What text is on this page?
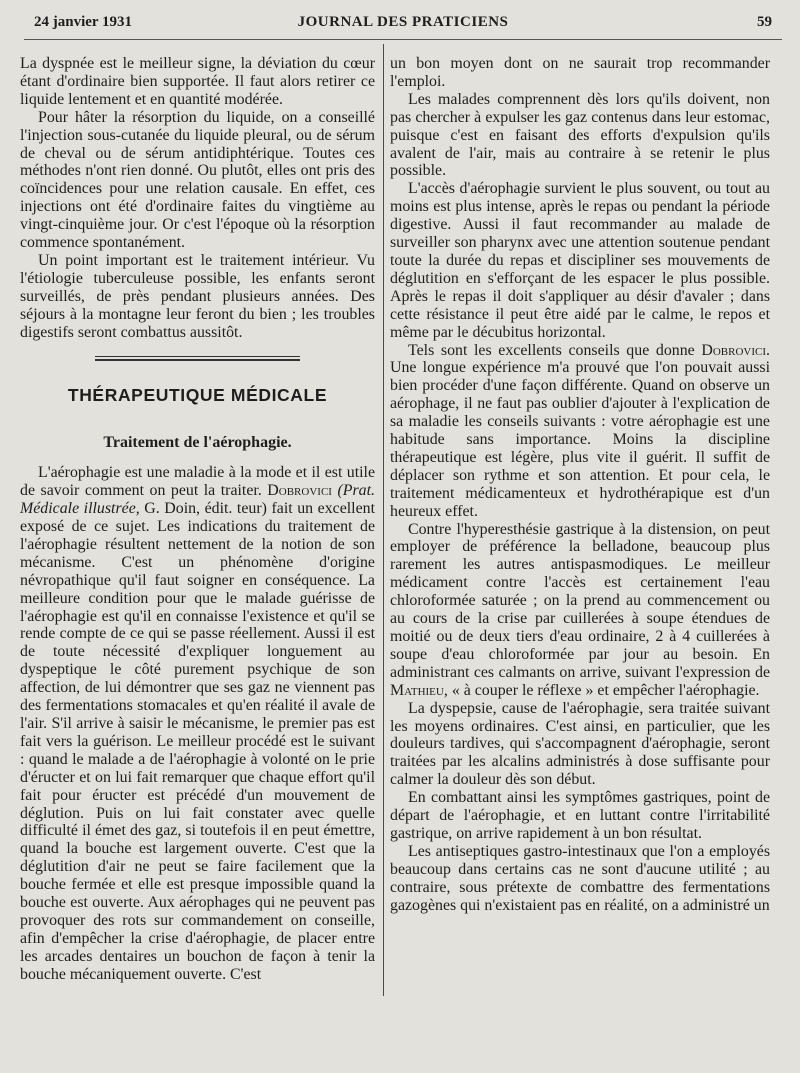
24 janvier 1931	JOURNAL DES PRATICIENS	59

La dyspnée est le meilleur signe, la déviation du cœur étant d'ordinaire bien supportée. Il faut alors retirer ce liquide lentement et en quantité modérée.

Pour hâter la résorption du liquide, on a conseillé l'injection sous-cutanée du liquide pleural, ou de sérum de cheval ou de sérum antidiphtérique. Toutes ces méthodes n'ont rien donné. Ou plutôt, elles ont pris des coïncidences pour une relation causale. En effet, ces injections ont été d'ordinaire faites du vingtième au vingt-cinquième jour. Or c'est l'époque où la résorption commence spontanément.

Un point important est le traitement intérieur. Vu l'étiologie tuberculeuse possible, les enfants seront surveillés, de près pendant plusieurs années. Des séjours à la montagne leur feront du bien ; les troubles digestifs seront combattus aussitôt.

THÉRAPEUTIQUE MÉDICALE
Traitement de l'aérophagie.

L'aérophagie est une maladie à la mode et il est utile de savoir comment on peut la traiter. Dobrovici (Prat. Médicale illustrée, G. Doin, édit. teur) fait un excellent exposé de ce sujet. Les indications du traitement de l'aérophagie résultent nettement de la notion de son mécanisme. C'est un phénomène d'origine névropathique qu'il faut soigner en conséquence. La meilleure condition pour que le malade guérisse de l'aérophagie est qu'il en connaisse l'existence et qu'il se rende compte de ce qui se passe réellement. Aussi il est de toute nécessité d'expliquer longuement au dyspeptique le côté purement psychique de son affection, de lui démontrer que ses gaz ne viennent pas des fermentations stomacales et qu'en réalité il avale de l'air. S'il arrive à saisir le mécanisme, le premier pas est fait vers la guérison. Le meilleur procédé est le suivant : quand le malade a de l'aérophagie à volonté on le prie d'éructer et on lui fait remarquer que chaque effort qu'il fait pour éructer est précédé d'un mouvement de déglution. Puis on lui fait constater avec quelle difficulté il émet des gaz, si toutefois il en peut émettre, quand la bouche est largement ouverte. C'est que la déglutition d'air ne peut se faire facilement que la bouche fermée et elle est presque impossible quand la bouche est ouverte. Aux aérophages qui ne peuvent pas provoquer des rots sur commandement on conseille, afin d'empêcher la crise d'aérophagie, de placer entre les arcades dentaires un bouchon de façon à tenir la bouche mécaniquement ouverte. C'est

un bon moyen dont on ne saurait trop recommander l'emploi.

Les malades comprennent dès lors qu'ils doivent, non pas chercher à expulser les gaz contenus dans leur estomac, puisque c'est en faisant des efforts d'expulsion qu'ils avalent de l'air, mais au contraire à se retenir le plus possible.

L'accès d'aérophagie survient le plus souvent, ou tout au moins est plus intense, après le repas ou pendant la période digestive. Aussi il faut recommander au malade de surveiller son pharynx avec une attention soutenue pendant toute la durée du repas et discipliner ses mouvements de déglutition en s'efforçant de les espacer le plus possible. Après le repas il doit s'appliquer au désir d'avaler ; dans cette résistance il peut être aidé par le calme, le repos et même par le décubitus horizontal.

Tels sont les excellents conseils que donne Dobrovici. Une longue expérience m'a prouvé que l'on pouvait aussi bien procéder d'une façon différente. Quand on observe un aérophage, il ne faut pas oublier d'ajouter à l'explication de sa maladie les conseils suivants : votre aérophagie est une habitude sans importance. Moins la discipline thérapeutique est légère, plus vite il guérit. Il suffit de déplacer son rythme et son attention. Et pour cela, le traitement médicamenteux et hydrothérapique est d'un heureux effet.

Contre l'hyperesthésie gastrique à la distension, on peut employer de préférence la belladone, beaucoup plus rarement les autres antispasmodiques. Le meilleur médicament contre l'accès est certainement l'eau chloroformée saturée ; on la prend au commencement ou au cours de la crise par cuillerées à soupe étendues de moitié ou de deux tiers d'eau ordinaire, 2 à 4 cuillerées à soupe d'eau chloroformée par jour au besoin. En administrant ces calmants on arrive, suivant l'expression de Mathieu, « à couper le réflexe » et empêcher l'aérophagie.

La dyspepsie, cause de l'aérophagie, sera traitée suivant les moyens ordinaires. C'est ainsi, en particulier, que les douleurs tardives, qui s'accompagnent d'aérophagie, seront traitées par les alcalins administrés à dose suffisante pour calmer la douleur dès son début.

En combattant ainsi les symptômes gastriques, point de départ de l'aérophagie, et en luttant contre l'irritabilité gastrique, on arrive rapidement à un bon résultat.

Les antiseptiques gastro-intestinaux que l'on a employés beaucoup dans certains cas ne sont d'aucune utilité ; au contraire, sous prétexte de combattre des fermentations gazogènes qui n'existaient pas en réalité, on a administré un
